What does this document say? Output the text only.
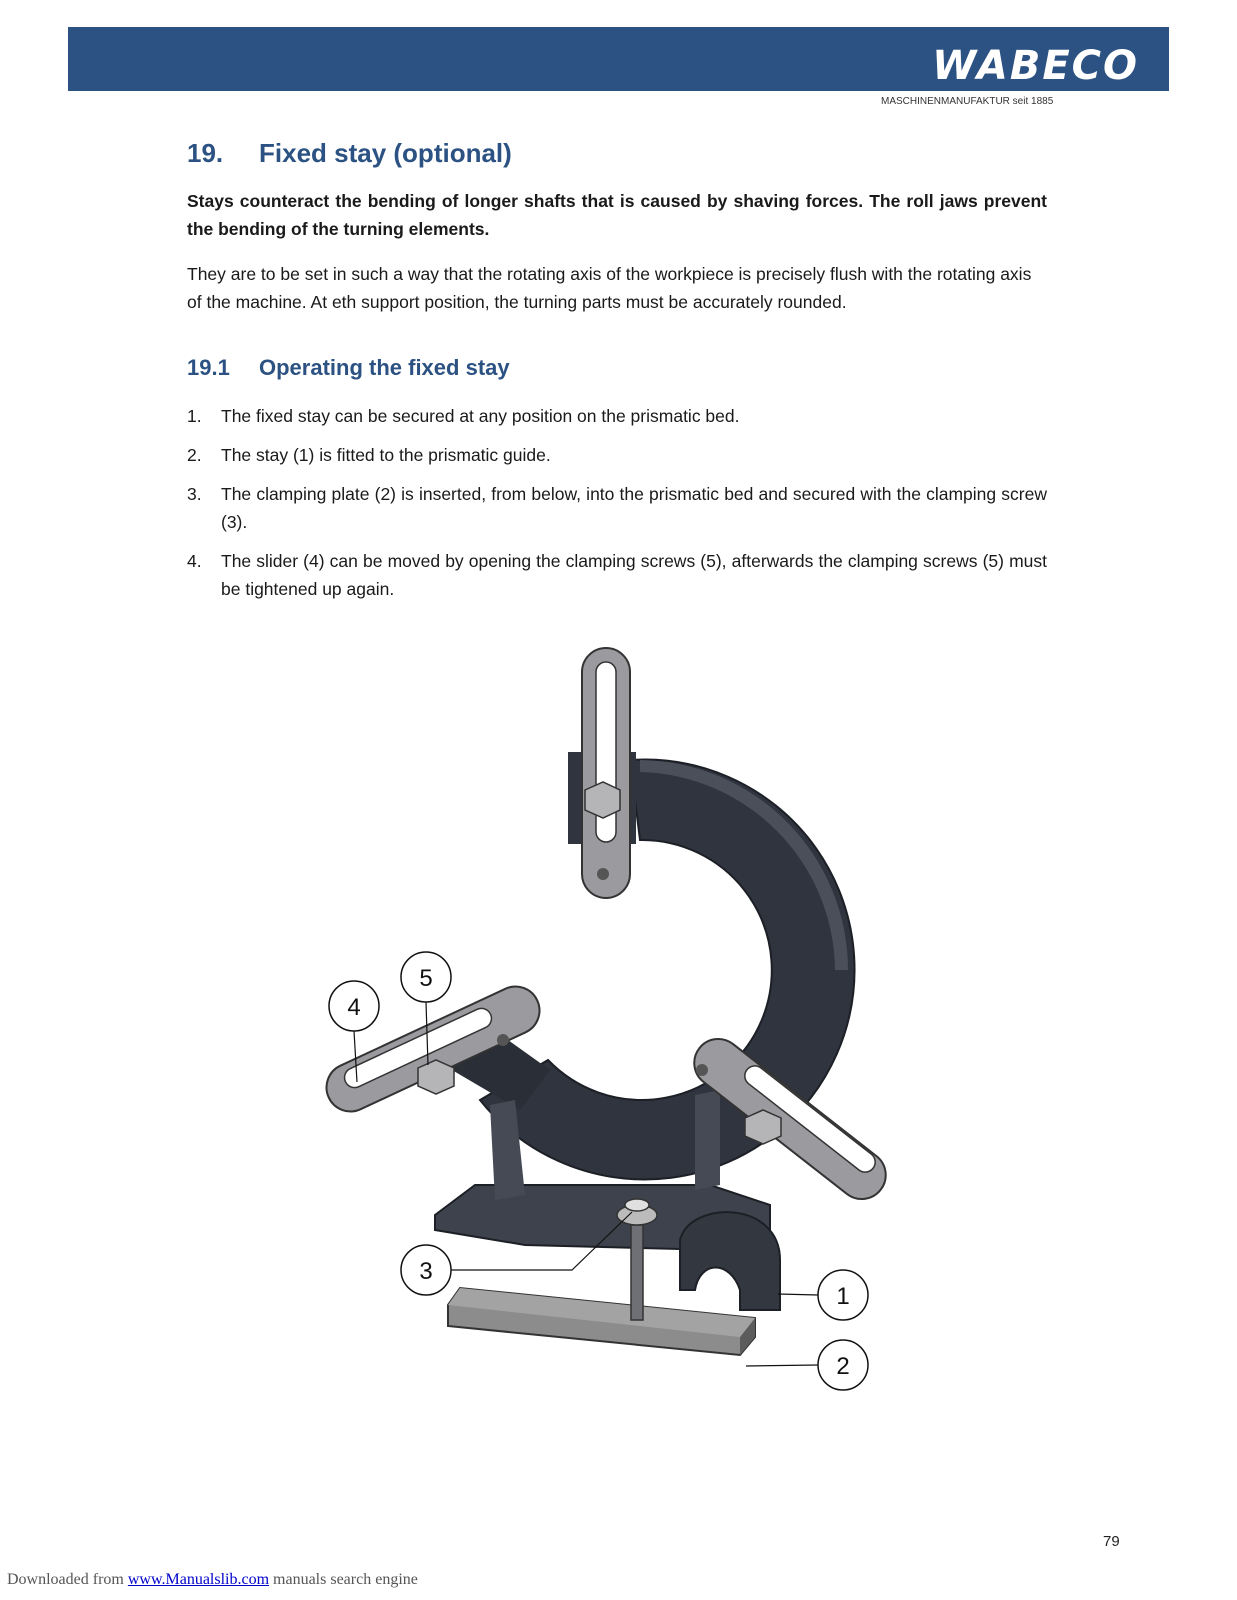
WABECO
MASCHINENMANUFAKTUR seit 1885
19. Fixed stay (optional)

Stays counteract the bending of longer shafts that is caused by shaving forces. The roll jaws prevent the bending of the turning elements.

They are to be set in such a way that the rotating axis of the workpiece is precisely flush with the rotating axis of the machine. At eth support position, the turning parts must be accurately rounded.

19.1 Operating the fixed stay
1. The fixed stay can be secured at any position on the prismatic bed.
2. The stay (1) is fitted to the prismatic guide.
3. The clamping plate (2) is inserted, from below, into the prismatic bed and secured with the clamping screw (3).
4. The slider (4) can be moved by opening the clamping screws (5), afterwards the clamping screws (5) must be tightened up again.
4
5
3
1
2
79
Downloaded from www.Manualslib.com manuals search engine
